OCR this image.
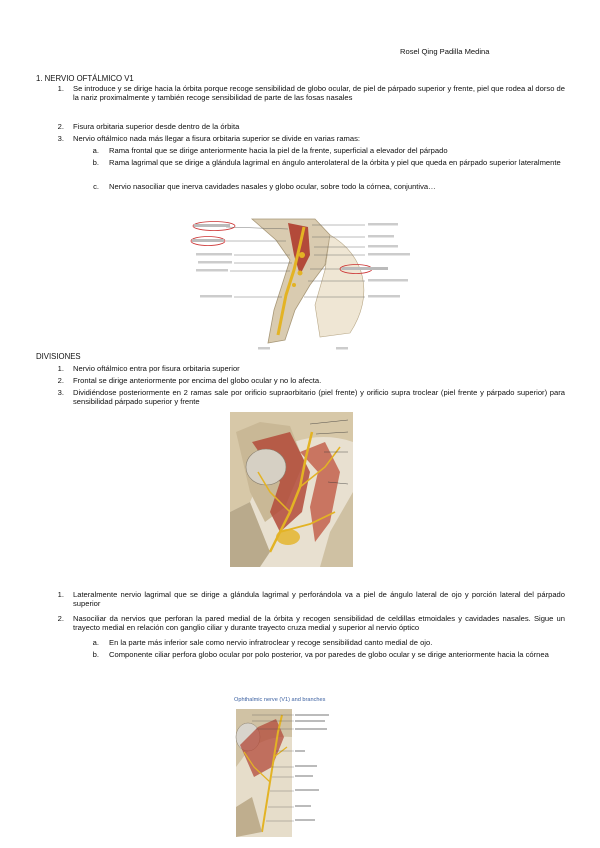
Rosel Qing Padilla Medina
1. NERVIO OFTÁLMICO V1
1. Se introduce y se dirige hacia la órbita porque recoge sensibilidad de globo ocular, de piel de párpado superior y frente, piel que rodea al dorso de la nariz proximalmente y también recoge sensibilidad de parte de las fosas nasales
2. Fisura orbitaria superior desde dentro de la órbita
3. Nervio oftálmico nada más llegar a fisura orbitaria superior se divide en varias ramas:
a. Rama frontal que se dirige anteriormente hacia la piel de la frente, superficial a elevador del párpado
b. Rama lagrimal que se dirige a glándula lagrimal en ángulo anterolateral de la órbita y piel que queda en párpado superior lateralmente
c. Nervio nasociliar que inerva cavidades nasales y globo ocular, sobre todo la córnea, conjuntiva…
DIVISIONES
1. Nervio oftálmico entra por fisura orbitaria superior
2. Frontal se dirige anteriormente por encima del globo ocular y no lo afecta.
3. Dividiéndose posteriormente en 2 ramas sale por orificio supraorbitario (piel frente) y orificio supra troclear (piel frente y párpado superior) para sensibilidad párpado superior y frente
1. Lateralmente nervio lagrimal que se dirige a glándula lagrimal y perforándola va a piel de ángulo lateral de ojo y porción lateral del párpado superior
2. Nasociliar da nervios que perforan la pared medial de la órbita y recogen sensibilidad de celdillas etmoidales y cavidades nasales. Sigue un trayecto medial en relación con ganglio ciliar y durante trayecto cruza medial y superior al nervio óptico
a. En la parte más inferior sale como nervio infratroclear y recoge sensibilidad canto medial de ojo.
b. Componente ciliar perfora globo ocular por polo posterior, va por paredes de globo ocular y se dirige anteriormente hacia la córnea
Ophthalmic nerve (V1) and branches
